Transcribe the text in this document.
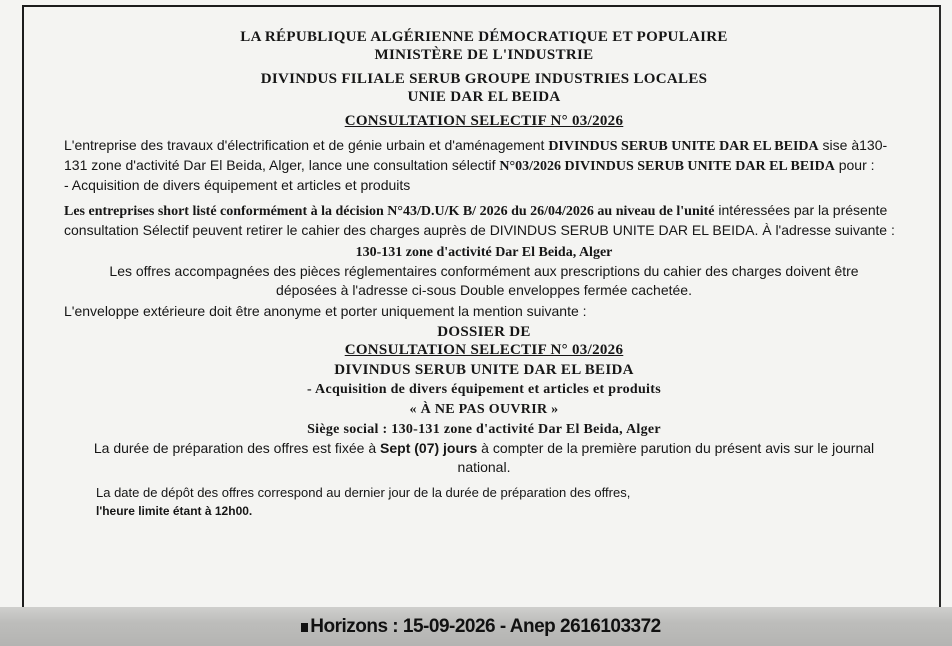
LA RÉPUBLIQUE ALGÉRIENNE DÉMOCRATIQUE ET POPULAIRE

MINISTÈRE DE L'INDUSTRIE

DIVINDUS FILIALE SERUB GROUPE INDUSTRIES LOCALES

UNIE DAR EL BEIDA

CONSULTATION SELECTIF N° 03/2026

L'entreprise des travaux d'électrification et de génie urbain et d'aménagement DIVINDUS SERUB UNITE DAR EL BEIDA sise à130-131 zone d'activité Dar El Beida, Alger, lance une consultation sélectif N°03/2026 DIVINDUS SERUB UNITE DAR EL BEIDA pour :

- Acquisition de divers équipement et articles et produits

Les entreprises short listé conformément à la décision N°43/D.U/K B/ 2026 du 26/04/2026 au niveau de l'unité intéressées par la présente consultation Sélectif peuvent retirer le cahier des charges auprès de DIVINDUS SERUB UNITE DAR EL BEIDA. À l'adresse suivante :

130-131 zone d'activité Dar El Beida, Alger

Les offres accompagnées des pièces réglementaires conformément aux prescriptions du cahier des charges doivent être déposées à l'adresse ci-sous Double enveloppes fermée cachetée.

L'enveloppe extérieure doit être anonyme et porter uniquement la mention suivante :

DOSSIER DE

CONSULTATION SELECTIF N° 03/2026

DIVINDUS SERUB UNITE DAR EL BEIDA

- Acquisition de divers équipement et articles et produits

« À NE PAS OUVRIR »

Siège social : 130-131 zone d'activité Dar El Beida, Alger

La durée de préparation des offres est fixée à Sept (07) jours à compter de la première parution du présent avis sur le journal national.

La date de dépôt des offres correspond au dernier jour de la durée de préparation des offres,

l'heure limite étant à 12h00.

Horizons : 15-09-2026 - Anep 2616103372
